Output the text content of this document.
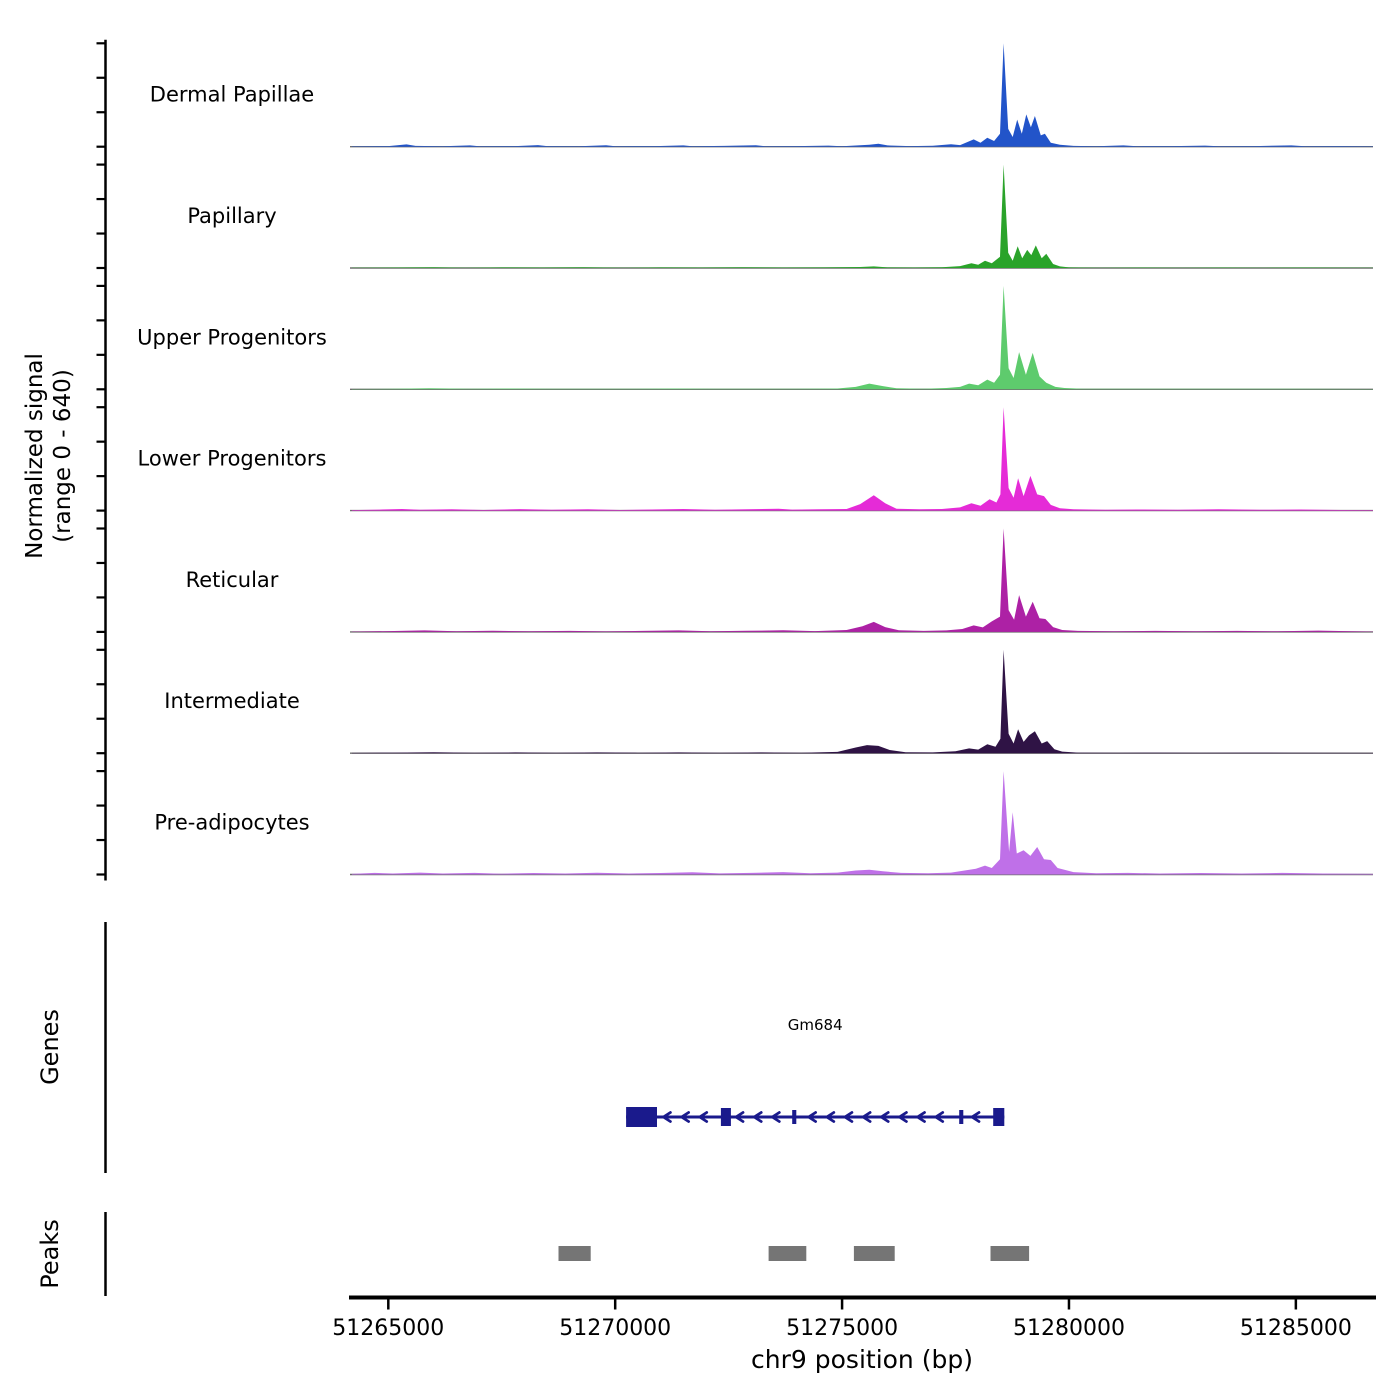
Dermal Papillae
Papillary
Upper Progenitors
Lower Progenitors
Reticular
Intermediate
Pre-adipocytes
Gm684
51265000	51270000	51275000	51280000	51285000
Normalized signal (range 0 - 640)
Genes
Peaks
chr9 position (bp)
